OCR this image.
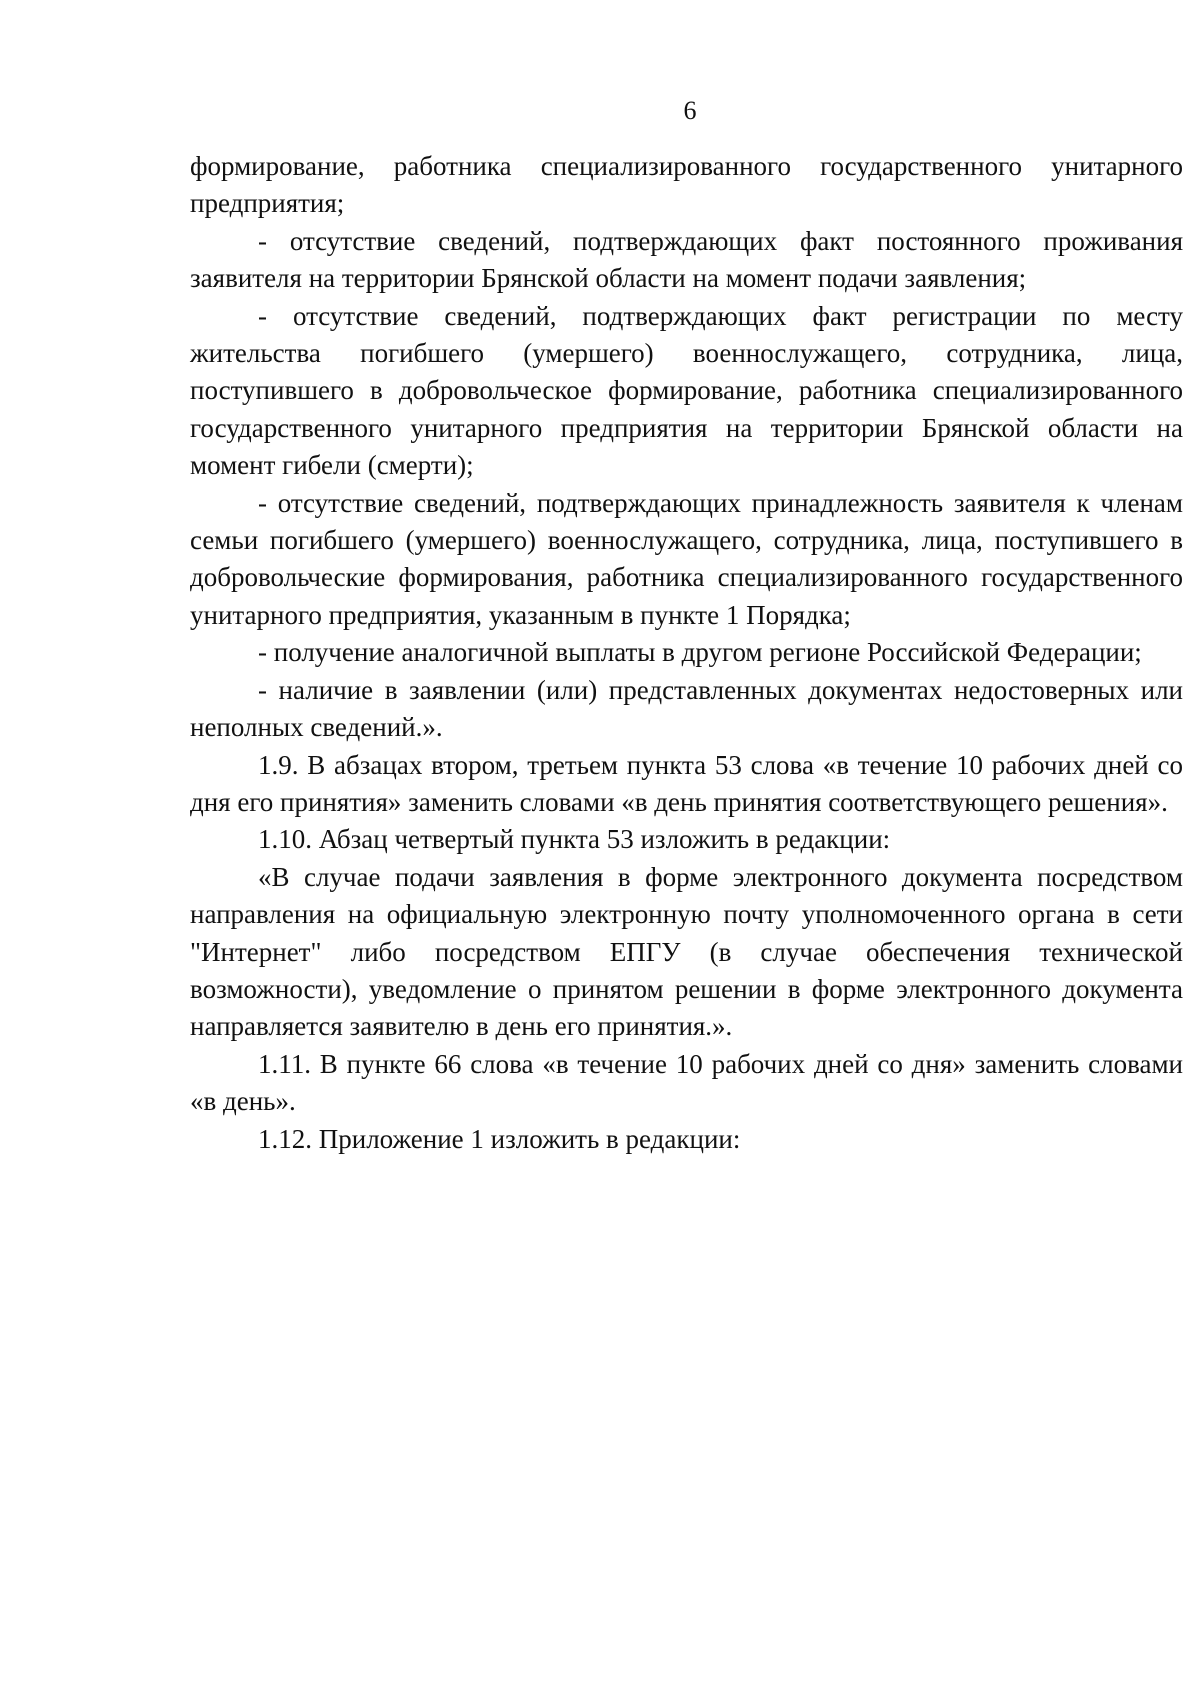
6

формирование, работника специализированного государственного унитарного предприятия;

- отсутствие сведений, подтверждающих факт постоянного проживания заявителя на территории Брянской области на момент подачи заявления;

- отсутствие сведений, подтверждающих факт регистрации по месту жительства погибшего (умершего) военнослужащего, сотрудника, лица, поступившего в добровольческое формирование, работника специализированного государственного унитарного предприятия на территории Брянской области на момент гибели (смерти);

- отсутствие сведений, подтверждающих принадлежность заявителя к членам семьи погибшего (умершего) военнослужащего, сотрудника, лица, поступившего в добровольческие формирования, работника специализированного государственного унитарного предприятия, указанным в пункте 1 Порядка;

- получение аналогичной выплаты в другом регионе Российской Федерации;

- наличие в заявлении (или) представленных документах недостоверных или неполных сведений.».

1.9. В абзацах втором, третьем пункта 53 слова «в течение 10 рабочих дней со дня его принятия» заменить словами «в день принятия соответствующего решения».

1.10. Абзац четвертый пункта 53 изложить в редакции:

«В случае подачи заявления в форме электронного документа посредством направления на официальную электронную почту уполномоченного органа в сети "Интернет" либо посредством ЕПГУ (в случае обеспечения технической возможности), уведомление о принятом решении в форме электронного документа направляется заявителю в день его принятия.».

1.11. В пункте 66 слова «в течение 10 рабочих дней со дня» заменить словами «в день».

1.12. Приложение 1 изложить в редакции:
